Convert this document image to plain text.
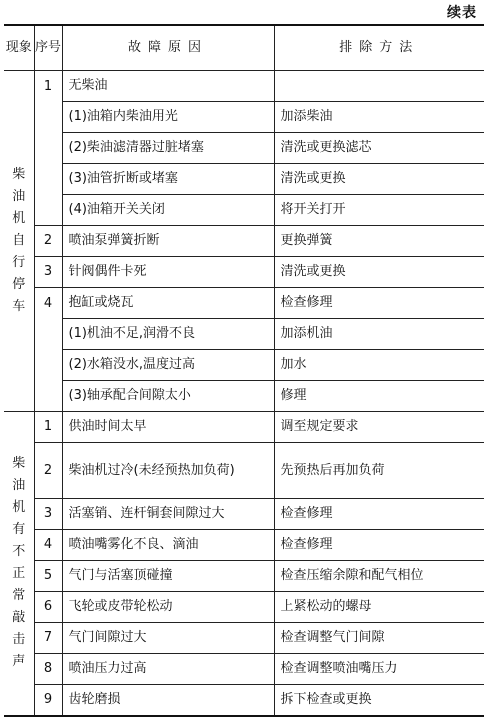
续表
现象	序号	故障原因	排除方法
柴油机自行停车	1	无柴油	
		(1)油箱内柴油用光	加添柴油
		(2)柴油滤清器过脏堵塞	清洗或更换滤芯
		(3)油管折断或堵塞	清洗或更换
		(4)油箱开关关闭	将开关打开
	2	喷油泵弹簧折断	更换弹簧
	3	针阀偶件卡死	清洗或更换
	4	抱缸或烧瓦	检查修理
		(1)机油不足,润滑不良	加添机油
		(2)水箱没水,温度过高	加水
		(3)轴承配合间隙太小	修理
柴油机有不正常敲击声	1	供油时间太早	调至规定要求
	2	柴油机过冷(未经预热加负荷)	先预热后再加负荷
	3	活塞销、连杆铜套间隙过大	检查修理
	4	喷油嘴雾化不良、滴油	检查修理
	5	气门与活塞顶碰撞	检查压缩余隙和配气相位
	6	飞轮或皮带轮松动	上紧松动的螺母
	7	气门间隙过大	检查调整气门间隙
	8	喷油压力过高	检查调整喷油嘴压力
	9	齿轮磨损	拆下检查或更换
